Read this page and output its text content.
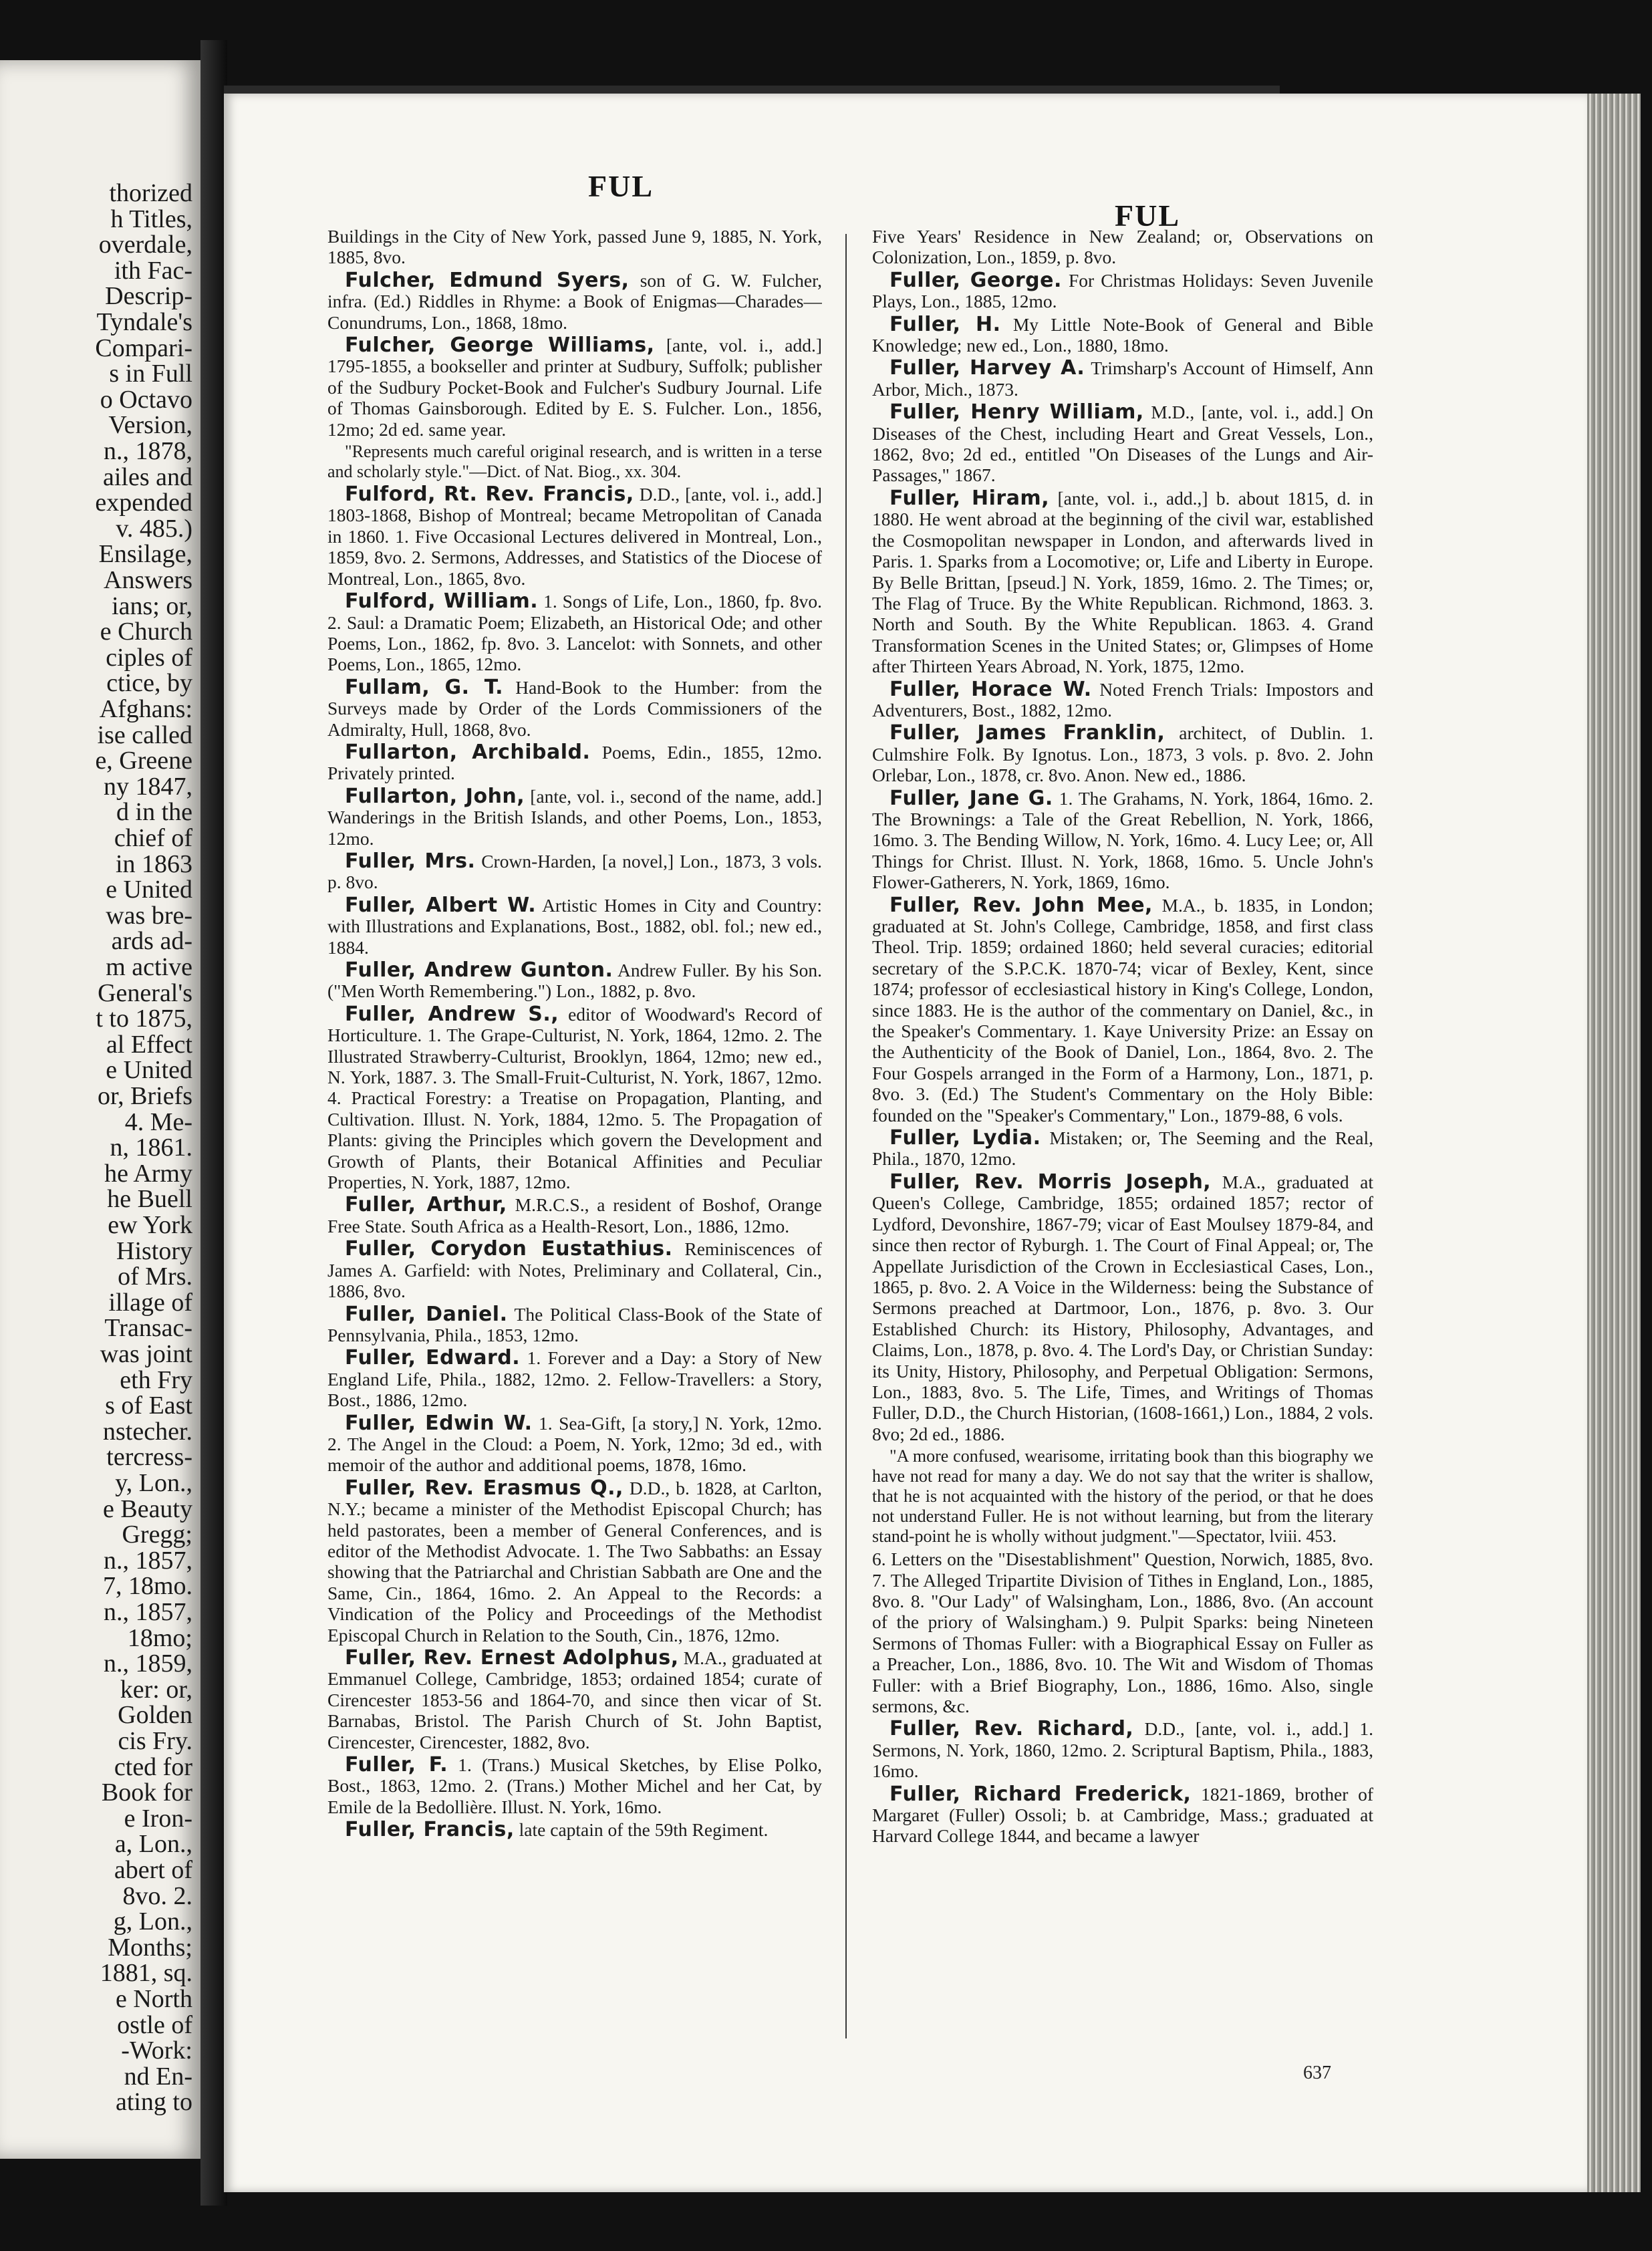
thorized
h Titles,
overdale,
ith Fac-
Descrip-
Tyndale's
Compari-
s in Full
o Octavo
Version,
n., 1878,
ailes and
expended
v. 485.)
Ensilage,
Answers
ians; or,
e Church
ciples of
ctice, by
Afghans:
ise called
e, Greene
ny 1847,
d in the
chief of
in 1863
e United
was bre-
ards ad-
m active
General's
t to 1875,
al Effect
e United
or, Briefs
4. Me-
n, 1861.
he Army
he Buell
ew York
History
of Mrs.
illage of
Transac-
was joint
eth Fry
s of East
nstecher.
tercress-
y, Lon.,
e Beauty
Gregg;
n., 1857,
7, 18mo.
n., 1857,
18mo;
n., 1859,
ker: or,
Golden
cis Fry.
cted for
Book for
e Iron-
a, Lon.,
abert of
8vo. 2.
g, Lon.,
Months;
1881, sq.
e North
ostle of
-Work:
nd En-
ating to
FUL
FUL

Buildings in the City of New York, passed June 9, 1885, N. York, 1885, 8vo.

Fulcher, Edmund Syers, son of G. W. Fulcher, infra. (Ed.) Riddles in Rhyme: a Book of Enigmas—Charades—Conundrums, Lon., 1868, 18mo.

Fulcher, George Williams, [ante, vol. i., add.] 1795-1855, a bookseller and printer at Sudbury, Suffolk; publisher of the Sudbury Pocket-Book and Fulcher's Sudbury Journal. Life of Thomas Gainsborough. Edited by E. S. Fulcher. Lon., 1856, 12mo; 2d ed. same year.

"Represents much careful original research, and is written in a terse and scholarly style."—Dict. of Nat. Biog., xx. 304.

Fulford, Rt. Rev. Francis, D.D., [ante, vol. i., add.] 1803-1868, Bishop of Montreal; became Metropolitan of Canada in 1860. 1. Five Occasional Lectures delivered in Montreal, Lon., 1859, 8vo. 2. Sermons, Addresses, and Statistics of the Diocese of Montreal, Lon., 1865, 8vo.

Fulford, William. 1. Songs of Life, Lon., 1860, fp. 8vo. 2. Saul: a Dramatic Poem; Elizabeth, an Historical Ode; and other Poems, Lon., 1862, fp. 8vo. 3. Lancelot: with Sonnets, and other Poems, Lon., 1865, 12mo.

Fullam, G. T. Hand-Book to the Humber: from the Surveys made by Order of the Lords Commissioners of the Admiralty, Hull, 1868, 8vo.

Fullarton, Archibald. Poems, Edin., 1855, 12mo. Privately printed.

Fullarton, John, [ante, vol. i., second of the name, add.] Wanderings in the British Islands, and other Poems, Lon., 1853, 12mo.

Fuller, Mrs. Crown-Harden, [a novel,] Lon., 1873, 3 vols. p. 8vo.

Fuller, Albert W. Artistic Homes in City and Country: with Illustrations and Explanations, Bost., 1882, obl. fol.; new ed., 1884.

Fuller, Andrew Gunton. Andrew Fuller. By his Son. ("Men Worth Remembering.") Lon., 1882, p. 8vo.

Fuller, Andrew S., editor of Woodward's Record of Horticulture. 1. The Grape-Culturist, N. York, 1864, 12mo. 2. The Illustrated Strawberry-Culturist, Brooklyn, 1864, 12mo; new ed., N. York, 1887. 3. The Small-Fruit-Culturist, N. York, 1867, 12mo. 4. Practical Forestry: a Treatise on Propagation, Planting, and Cultivation. Illust. N. York, 1884, 12mo. 5. The Propagation of Plants: giving the Principles which govern the Development and Growth of Plants, their Botanical Affinities and Peculiar Properties, N. York, 1887, 12mo.

Fuller, Arthur, M.R.C.S., a resident of Boshof, Orange Free State. South Africa as a Health-Resort, Lon., 1886, 12mo.

Fuller, Corydon Eustathius. Reminiscences of James A. Garfield: with Notes, Preliminary and Collateral, Cin., 1886, 8vo.

Fuller, Daniel. The Political Class-Book of the State of Pennsylvania, Phila., 1853, 12mo.

Fuller, Edward. 1. Forever and a Day: a Story of New England Life, Phila., 1882, 12mo. 2. Fellow-Travellers: a Story, Bost., 1886, 12mo.

Fuller, Edwin W. 1. Sea-Gift, [a story,] N. York, 12mo. 2. The Angel in the Cloud: a Poem, N. York, 12mo; 3d ed., with memoir of the author and additional poems, 1878, 16mo.

Fuller, Rev. Erasmus Q., D.D., b. 1828, at Carlton, N.Y.; became a minister of the Methodist Episcopal Church; has held pastorates, been a member of General Conferences, and is editor of the Methodist Advocate. 1. The Two Sabbaths: an Essay showing that the Patriarchal and Christian Sabbath are One and the Same, Cin., 1864, 16mo. 2. An Appeal to the Records: a Vindication of the Policy and Proceedings of the Methodist Episcopal Church in Relation to the South, Cin., 1876, 12mo.

Fuller, Rev. Ernest Adolphus, M.A., graduated at Emmanuel College, Cambridge, 1853; ordained 1854; curate of Cirencester 1853-56 and 1864-70, and since then vicar of St. Barnabas, Bristol. The Parish Church of St. John Baptist, Cirencester, Cirencester, 1882, 8vo.

Fuller, F. 1. (Trans.) Musical Sketches, by Elise Polko, Bost., 1863, 12mo. 2. (Trans.) Mother Michel and her Cat, by Emile de la Bedollière. Illust. N. York, 16mo.

Fuller, Francis, late captain of the 59th Regiment.

Five Years' Residence in New Zealand; or, Observations on Colonization, Lon., 1859, p. 8vo.

Fuller, George. For Christmas Holidays: Seven Juvenile Plays, Lon., 1885, 12mo.

Fuller, H. My Little Note-Book of General and Bible Knowledge; new ed., Lon., 1880, 18mo.

Fuller, Harvey A. Trimsharp's Account of Himself, Ann Arbor, Mich., 1873.

Fuller, Henry William, M.D., [ante, vol. i., add.] On Diseases of the Chest, including Heart and Great Vessels, Lon., 1862, 8vo; 2d ed., entitled "On Diseases of the Lungs and Air-Passages," 1867.

Fuller, Hiram, [ante, vol. i., add.,] b. about 1815, d. in 1880. He went abroad at the beginning of the civil war, established the Cosmopolitan newspaper in London, and afterwards lived in Paris. 1. Sparks from a Locomotive; or, Life and Liberty in Europe. By Belle Brittan, [pseud.] N. York, 1859, 16mo. 2. The Times; or, The Flag of Truce. By the White Republican. Richmond, 1863. 3. North and South. By the White Republican. 1863. 4. Grand Transformation Scenes in the United States; or, Glimpses of Home after Thirteen Years Abroad, N. York, 1875, 12mo.

Fuller, Horace W. Noted French Trials: Impostors and Adventurers, Bost., 1882, 12mo.

Fuller, James Franklin, architect, of Dublin. 1. Culmshire Folk. By Ignotus. Lon., 1873, 3 vols. p. 8vo. 2. John Orlebar, Lon., 1878, cr. 8vo. Anon. New ed., 1886.

Fuller, Jane G. 1. The Grahams, N. York, 1864, 16mo. 2. The Brownings: a Tale of the Great Rebellion, N. York, 1866, 16mo. 3. The Bending Willow, N. York, 16mo. 4. Lucy Lee; or, All Things for Christ. Illust. N. York, 1868, 16mo. 5. Uncle John's Flower-Gatherers, N. York, 1869, 16mo.

Fuller, Rev. John Mee, M.A., b. 1835, in London; graduated at St. John's College, Cambridge, 1858, and first class Theol. Trip. 1859; ordained 1860; held several curacies; editorial secretary of the S.P.C.K. 1870-74; vicar of Bexley, Kent, since 1874; professor of ecclesiastical history in King's College, London, since 1883. He is the author of the commentary on Daniel, &c., in the Speaker's Commentary. 1. Kaye University Prize: an Essay on the Authenticity of the Book of Daniel, Lon., 1864, 8vo. 2. The Four Gospels arranged in the Form of a Harmony, Lon., 1871, p. 8vo. 3. (Ed.) The Student's Commentary on the Holy Bible: founded on the "Speaker's Commentary," Lon., 1879-88, 6 vols.

Fuller, Lydia. Mistaken; or, The Seeming and the Real, Phila., 1870, 12mo.

Fuller, Rev. Morris Joseph, M.A., graduated at Queen's College, Cambridge, 1855; ordained 1857; rector of Lydford, Devonshire, 1867-79; vicar of East Moulsey 1879-84, and since then rector of Ryburgh. 1. The Court of Final Appeal; or, The Appellate Jurisdiction of the Crown in Ecclesiastical Cases, Lon., 1865, p. 8vo. 2. A Voice in the Wilderness: being the Substance of Sermons preached at Dartmoor, Lon., 1876, p. 8vo. 3. Our Established Church: its History, Philosophy, Advantages, and Claims, Lon., 1878, p. 8vo. 4. The Lord's Day, or Christian Sunday: its Unity, History, Philosophy, and Perpetual Obligation: Sermons, Lon., 1883, 8vo. 5. The Life, Times, and Writings of Thomas Fuller, D.D., the Church Historian, (1608-1661,) Lon., 1884, 2 vols. 8vo; 2d ed., 1886.

"A more confused, wearisome, irritating book than this biography we have not read for many a day. We do not say that the writer is shallow, that he is not acquainted with the history of the period, or that he does not understand Fuller. He is not without learning, but from the literary stand-point he is wholly without judgment."—Spectator, lviii. 453.

6. Letters on the "Disestablishment" Question, Norwich, 1885, 8vo. 7. The Alleged Tripartite Division of Tithes in England, Lon., 1885, 8vo. 8. "Our Lady" of Walsingham, Lon., 1886, 8vo. (An account of the priory of Walsingham.) 9. Pulpit Sparks: being Nineteen Sermons of Thomas Fuller: with a Biographical Essay on Fuller as a Preacher, Lon., 1886, 8vo. 10. The Wit and Wisdom of Thomas Fuller: with a Brief Biography, Lon., 1886, 16mo. Also, single sermons, &c.

Fuller, Rev. Richard, D.D., [ante, vol. i., add.] 1. Sermons, N. York, 1860, 12mo. 2. Scriptural Baptism, Phila., 1883, 16mo.

Fuller, Richard Frederick, 1821-1869, brother of Margaret (Fuller) Ossoli; b. at Cambridge, Mass.; graduated at Harvard College 1844, and became a lawyer

637
